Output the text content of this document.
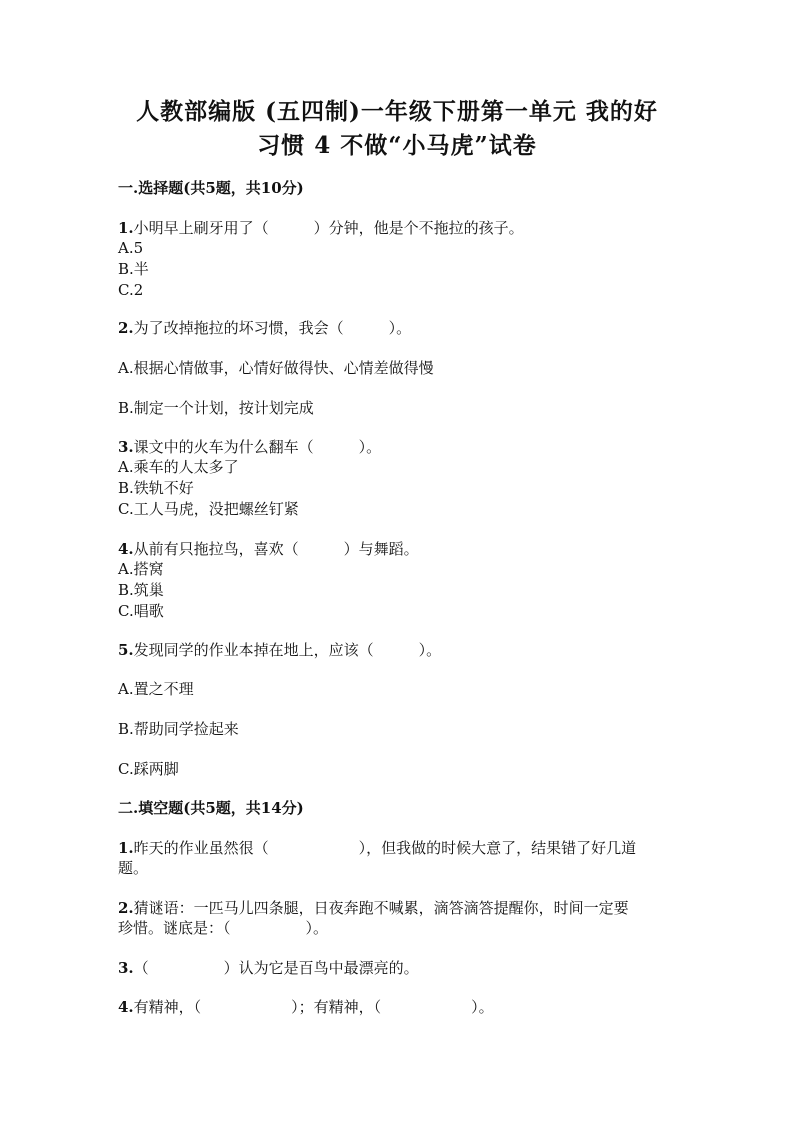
人教部编版 (五四制)一年级下册第一单元 我的好
习惯 4 不做“小马虎”试卷
一.选择题(共5题，共10分)
1.小明早上刷牙用了（　　　）分钟，他是个不拖拉的孩子。
A.5
B.半
C.2
2.为了改掉拖拉的坏习惯，我会（　　　）。
A.根据心情做事，心情好做得快、心情差做得慢
B.制定一个计划，按计划完成
3.课文中的火车为什么翻车（　　　）。
A.乘车的人太多了
B.铁轨不好
C.工人马虎，没把螺丝钉紧
4.从前有只拖拉鸟，喜欢（　　　）与舞蹈。
A.搭窝
B.筑巢
C.唱歌
5.发现同学的作业本掉在地上，应该（　　　）。
A.置之不理
B.帮助同学捡起来
C.踩两脚
二.填空题(共5题，共14分)
1.昨天的作业虽然很（　　　　　　），但我做的时候大意了，结果错了好几道
题。
2.猜谜语：一匹马儿四条腿，日夜奔跑不喊累，滴答滴答提醒你，时间一定要
珍惜。谜底是：（　　　　　）。
3.（　　　　　）认为它是百鸟中最漂亮的。
4.有精神，（　　　　　　）；有精神，（　　　　　　）。
